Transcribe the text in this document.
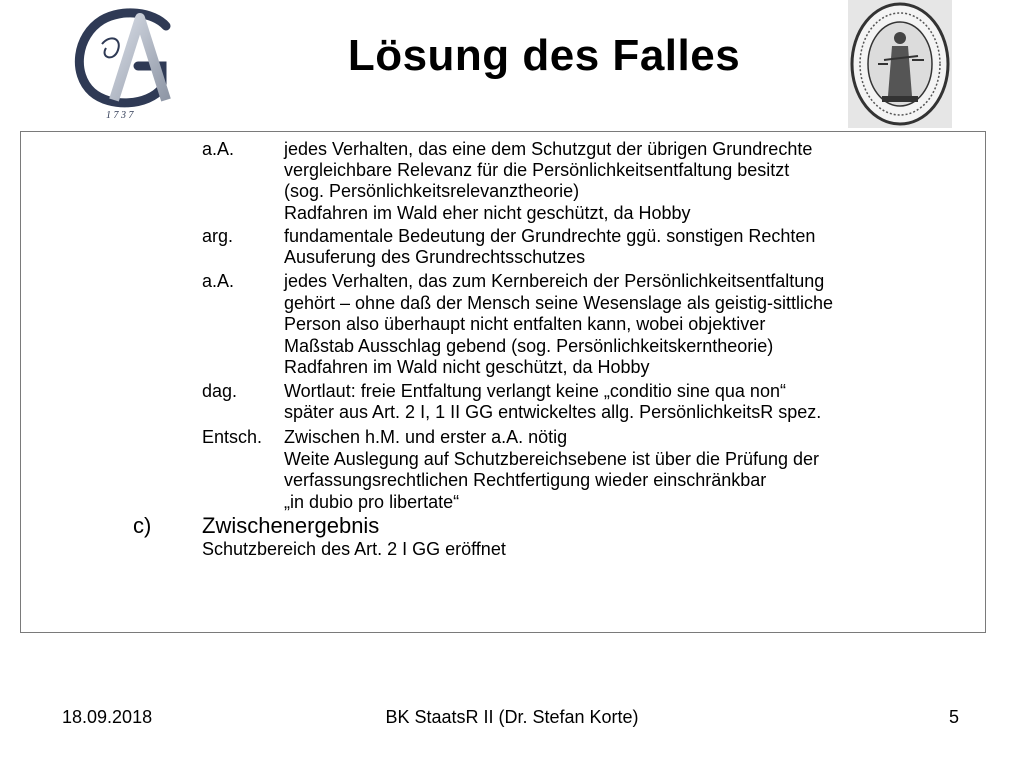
1 7 3 7
Lösung des Falles
a.A.	jedes Verhalten, das eine dem Schutzgut der übrigen Grundrechte
vergleichbare Relevanz für die Persönlichkeitsentfaltung besitzt
(sog. Persönlichkeitsrelevanztheorie)
Radfahren im Wald eher nicht geschützt, da Hobby
arg.	fundamentale Bedeutung der Grundrechte ggü. sonstigen Rechten
Ausuferung des Grundrechtsschutzes
a.A.	jedes Verhalten, das zum Kernbereich der Persönlichkeitsentfaltung
gehört – ohne daß der Mensch seine Wesenslage als geistig-sittliche
Person also überhaupt nicht entfalten kann, wobei objektiver
Maßstab Ausschlag gebend (sog. Persönlichkeitskerntheorie)
Radfahren im Wald nicht geschützt, da Hobby
dag.	Wortlaut: freie Entfaltung verlangt keine „conditio sine qua non“
später aus Art. 2 I, 1 II GG entwickeltes allg. PersönlichkeitsR spez.
Entsch. Zwischen h.M. und erster a.A. nötig
Weite Auslegung auf Schutzbereichsebene ist über die Prüfung der
verfassungsrechtlichen Rechtfertigung wieder einschränkbar
„in dubio pro libertate“
c) Zwischenergebnis
Schutzbereich des Art. 2 I GG eröffnet
18.09.2018	BK StaatsR II (Dr. Stefan Korte)	5
